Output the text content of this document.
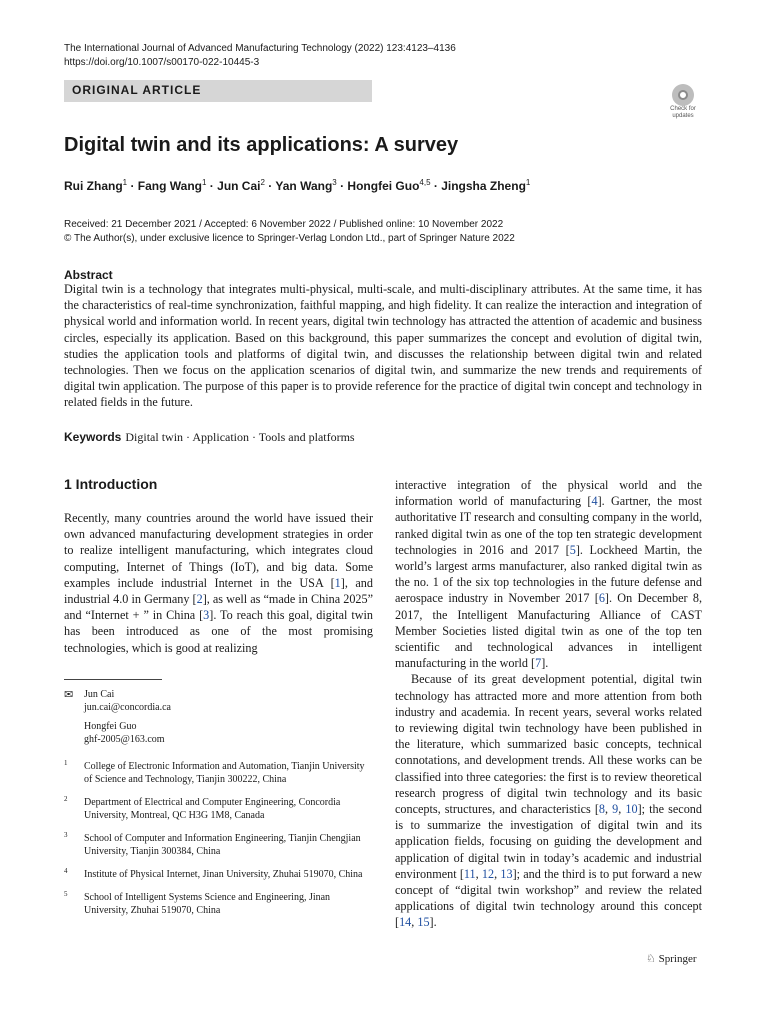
The International Journal of Advanced Manufacturing Technology (2022) 123:4123–4136
https://doi.org/10.1007/s00170-022-10445-3
ORIGINAL ARTICLE
Check for
updates
Digital twin and its applications: A survey
Rui Zhang$^1$ · Fang Wang$^1$ · Jun Cai$^2$ · Yan Wang$^3$ · Hongfei Guo$^{4,5}$ · Jingsha Zheng$^1$
Received: 21 December 2021 / Accepted: 6 November 2022 / Published online: 10 November 2022
© The Author(s), under exclusive licence to Springer-Verlag London Ltd., part of Springer Nature 2022
Abstract
Digital twin is a technology that integrates multi-physical, multi-scale, and multi-disciplinary attributes. At the same time, it has the characteristics of real-time synchronization, faithful mapping, and high fidelity. It can realize the interaction and integration of physical world and information world. In recent years, digital twin technology has attracted the attention of academic and business circles, especially its application. Based on this background, this paper summarizes the concept and evolution of digital twin, studies the application tools and platforms of digital twin, and discusses the relationship between digital twin and related technologies. Then we focus on the application scenarios of digital twin, and summarize the new trends and requirements of digital twin application. The purpose of this paper is to provide reference for the practice of digital twin concept and technology in related fields in the future.
Keywords Digital twin · Application · Tools and platforms
1 Introduction
Recently, many countries around the world have issued their own advanced manufacturing development strategies in order to realize intelligent manufacturing, which integrates cloud computing, Internet of Things (IoT), and big data. Some examples include industrial Internet in the USA [1], and industrial 4.0 in Germany [2], as well as “made in China 2025” and “Internet + ” in China [3]. To reach this goal, digital twin has been introduced as one of the most promising technologies, which is good at realizing
✉ Jun Cai
jun.cai@concordia.ca
Hongfei Guo
ghf-2005@163.com
1 College of Electronic Information and Automation, Tianjin University of Science and Technology, Tianjin 300222, China
2 Department of Electrical and Computer Engineering, Concordia University, Montreal, QC H3G 1M8, Canada
3 School of Computer and Information Engineering, Tianjin Chengjian University, Tianjin 300384, China
4 Institute of Physical Internet, Jinan University, Zhuhai 519070, China
5 School of Intelligent Systems Science and Engineering, Jinan University, Zhuhai 519070, China

interactive integration of the physical world and the information world of manufacturing [4]. Gartner, the most authoritative IT research and consulting company in the world, ranked digital twin as one of the top ten strategic development technologies in 2016 and 2017 [5]. Lockheed Martin, the world’s largest arms manufacturer, also ranked digital twin as the no. 1 of the six top technologies in the future defense and aerospace industry in November 2017 [6]. On December 8, 2017, the Intelligent Manufacturing Alliance of CAST Member Societies listed digital twin as one of the top ten scientific and technological advances in intelligent manufacturing in the world [7].

Because of its great development potential, digital twin technology has attracted more and more attention from both industry and academia. In recent years, several works related to reviewing digital twin technology have been published in the literature, which summarized basic concepts, technical connotations, and development trends. All these works can be classified into three categories: the first is to review theoretical research progress of digital twin technology and its basic concepts, structures, and characteristics [8, 9, 10]; the second is to summarize the investigation of digital twin and its application fields, focusing on guiding the development and application of digital twin in today’s academic and industrial environment [11, 12, 13]; and the third is to put forward a new concept of “digital twin workshop” and review the related applications of digital twin technology around this concept [14, 15].

♘ Springer
